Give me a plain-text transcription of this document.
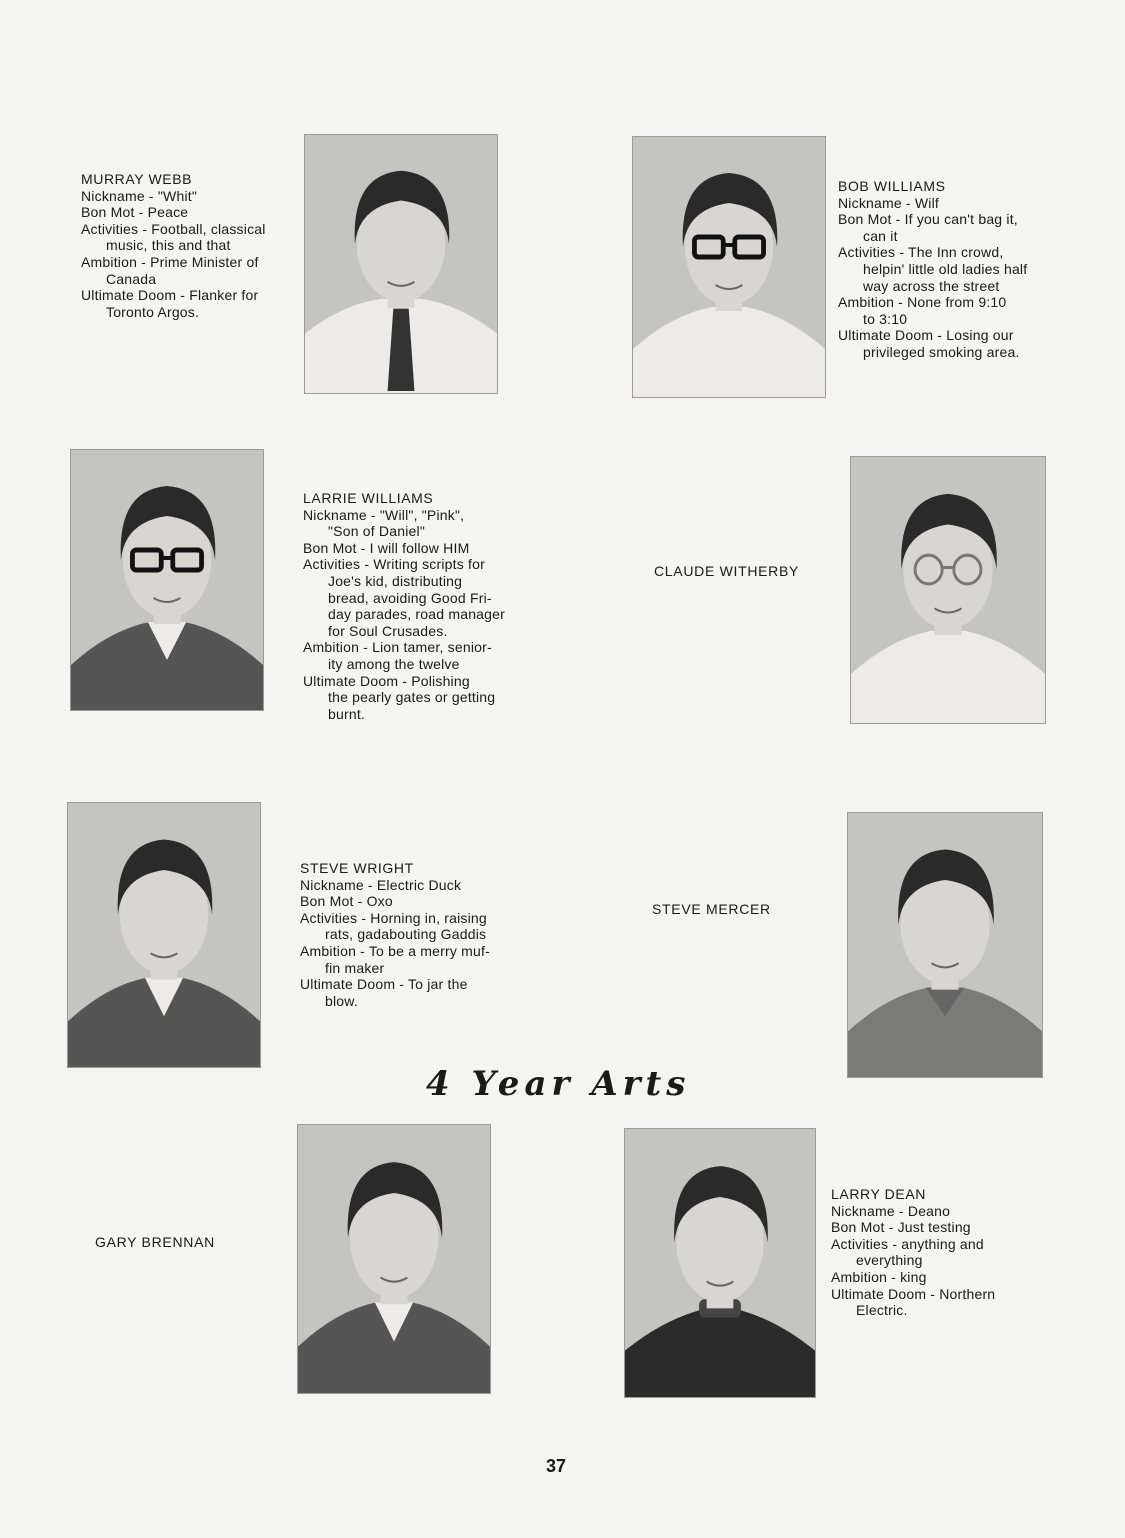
MURRAY WEBB
Nickname - "Whit"
Bon Mot - Peace
Activities - Football, classical
music, this and that
Ambition - Prime Minister of
Canada
Ultimate Doom - Flanker for
Toronto Argos.
BOB WILLIAMS
Nickname - Wilf
Bon Mot - If you can't bag it,
can it
Activities - The Inn crowd,
helpin' little old ladies half
way across the street
Ambition - None from 9:10
to 3:10
Ultimate Doom - Losing our
privileged smoking area.
LARRIE WILLIAMS
Nickname - "Will", "Pink",
"Son of Daniel"
Bon Mot - I will follow HIM
Activities - Writing scripts for
Joe's kid, distributing
bread, avoiding Good Fri-
day parades, road manager
for Soul Crusades.
Ambition - Lion tamer, senior-
ity among the twelve
Ultimate Doom - Polishing
the pearly gates or getting
burnt.
CLAUDE WITHERBY
STEVE WRIGHT
Nickname - Electric Duck
Bon Mot - Oxo
Activities - Horning in, raising
rats, gadabouting Gaddis
Ambition - To be a merry muf-
fin maker
Ultimate Doom - To jar the
blow.
STEVE MERCER
4 Year Arts
GARY BRENNAN
LARRY DEAN
Nickname - Deano
Bon Mot - Just testing
Activities - anything and
everything
Ambition - king
Ultimate Doom - Northern
Electric.
37
